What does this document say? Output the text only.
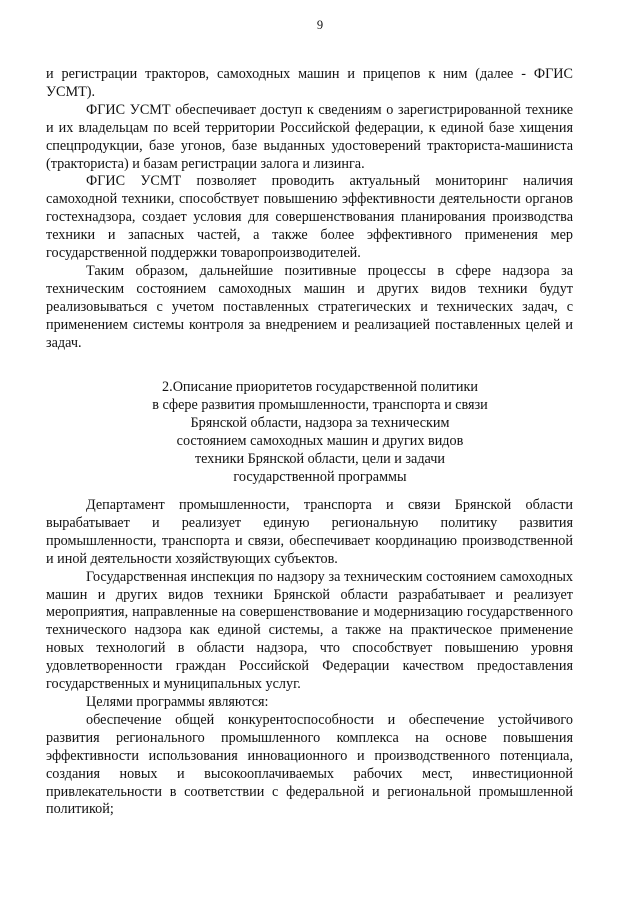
9

и регистрации тракторов, самоходных машин и прицепов к ним (далее - ФГИС УСМТ).

ФГИС УСМТ обеспечивает доступ к сведениям о зарегистрированной технике и их владельцам по всей территории Российской федерации, к единой базе хищения спецпродукции, базе угонов, базе выданных удостоверений тракториста-машиниста (тракториста) и базам регистрации залога и лизинга.

ФГИС УСМТ позволяет проводить актуальный мониторинг наличия самоходной техники, способствует повышению эффективности деятельности органов гостехнадзора, создает условия для совершенствования планирования производства техники и запасных частей, а также более эффективного применения мер государственной поддержки товаропроизводителей.

Таким образом, дальнейшие позитивные процессы в сфере надзора за техническим состоянием самоходных машин и других видов техники будут реализовываться с учетом поставленных стратегических и технических задач, с применением системы контроля за внедрением и реализацией поставленных целей и задач.

2.Описание приоритетов государственной политики
в сфере развития промышленности, транспорта и связи
Брянской области, надзора за техническим
состоянием самоходных машин и других видов
техники Брянской области, цели и задачи
государственной программы

Департамент промышленности, транспорта и связи Брянской области вырабатывает и реализует единую региональную политику развития промышленности, транспорта и связи, обеспечивает координацию производственной и иной деятельности хозяйствующих субъектов.

Государственная инспекция по надзору за техническим состоянием самоходных машин и других видов техники Брянской области разрабатывает и реализует мероприятия, направленные на совершенствование и модернизацию государственного технического надзора как единой системы, а также на практическое применение новых технологий в области надзора, что способствует повышению уровня удовлетворенности граждан Российской Федерации качеством предоставления государственных и муниципальных услуг.

Целями программы являются:

обеспечение общей конкурентоспособности и обеспечение устойчивого развития регионального промышленного комплекса на основе повышения эффективности использования инновационного и производственного потенциала, создания новых и высокооплачиваемых рабочих мест, инвестиционной привлекательности в соответствии с федеральной и региональной промышленной политикой;
